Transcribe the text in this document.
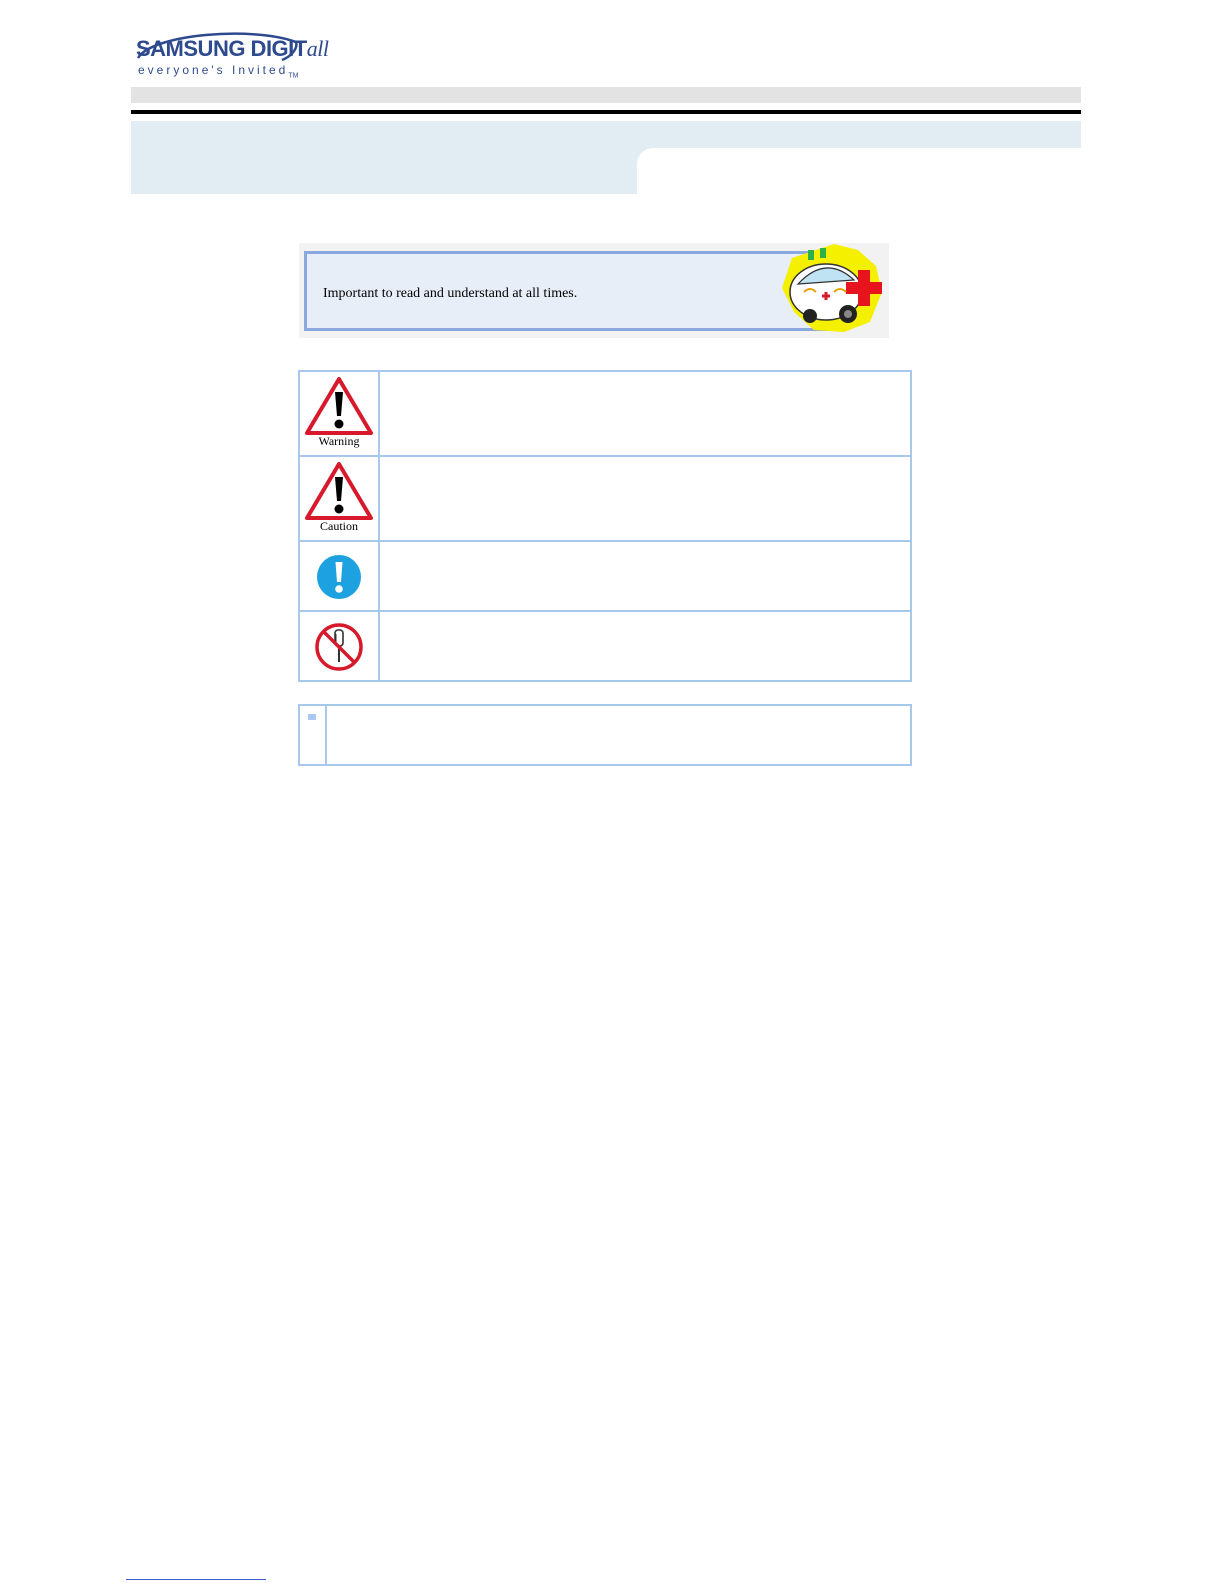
SAMSUNG DIGITall
everyone's Invited$_{TM}$
Important to read and understand at all times.
Warning	

Caution	
